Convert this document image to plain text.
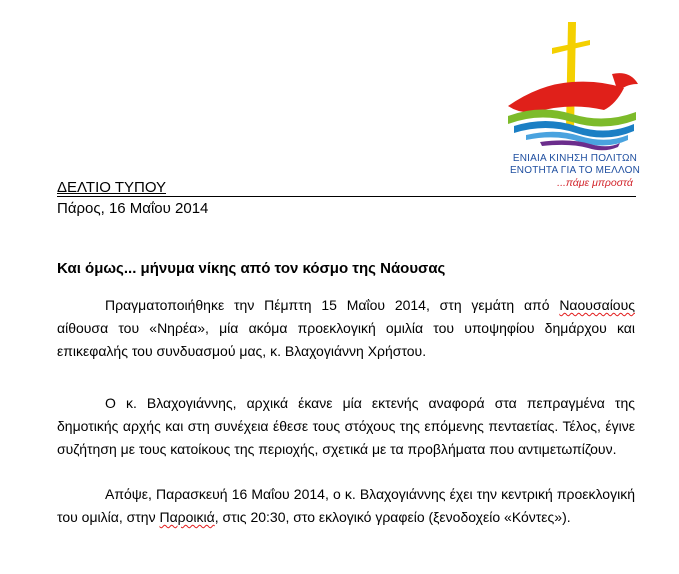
ΕΝΙΑΙΑ ΚΙΝΗΣΗ ΠΟΛΙΤΩΝ
ΕΝΟΤΗΤΑ ΓΙΑ ΤΟ ΜΕΛΛΟΝ
...πάμε μπροστά
ΔΕΛΤΙΟ ΤΥΠΟΥ
Πάρος, 16 Μαΐου 2014
Και όμως... μήνυμα νίκης από τον κόσμο της Νάουσας

Πραγματοποιήθηκε την Πέμπτη 15 Μαΐου 2014, στη γεμάτη από Ναουσαίους αίθουσα του «Νηρέα», μία ακόμα προεκλογική ομιλία του υποψηφίου δημάρχου και επικεφαλής του συνδυασμού μας, κ. Βλαχογιάννη Χρήστου.

Ο κ. Βλαχογιάννης, αρχικά έκανε μία εκτενής αναφορά στα πεπραγμένα της δημοτικής αρχής και στη συνέχεια έθεσε τους στόχους της επόμενης πενταετίας. Τέλος, έγινε συζήτηση με τους κατοίκους της περιοχής, σχετικά με τα προβλήματα που αντιμετωπίζουν.

Απόψε, Παρασκευή 16 Μαΐου 2014, ο κ. Βλαχογιάννης έχει την κεντρική προεκλογική του ομιλία, στην Παροικιά, στις 20:30, στο εκλογικό γραφείο (ξενοδοχείο «Κόντες»).
